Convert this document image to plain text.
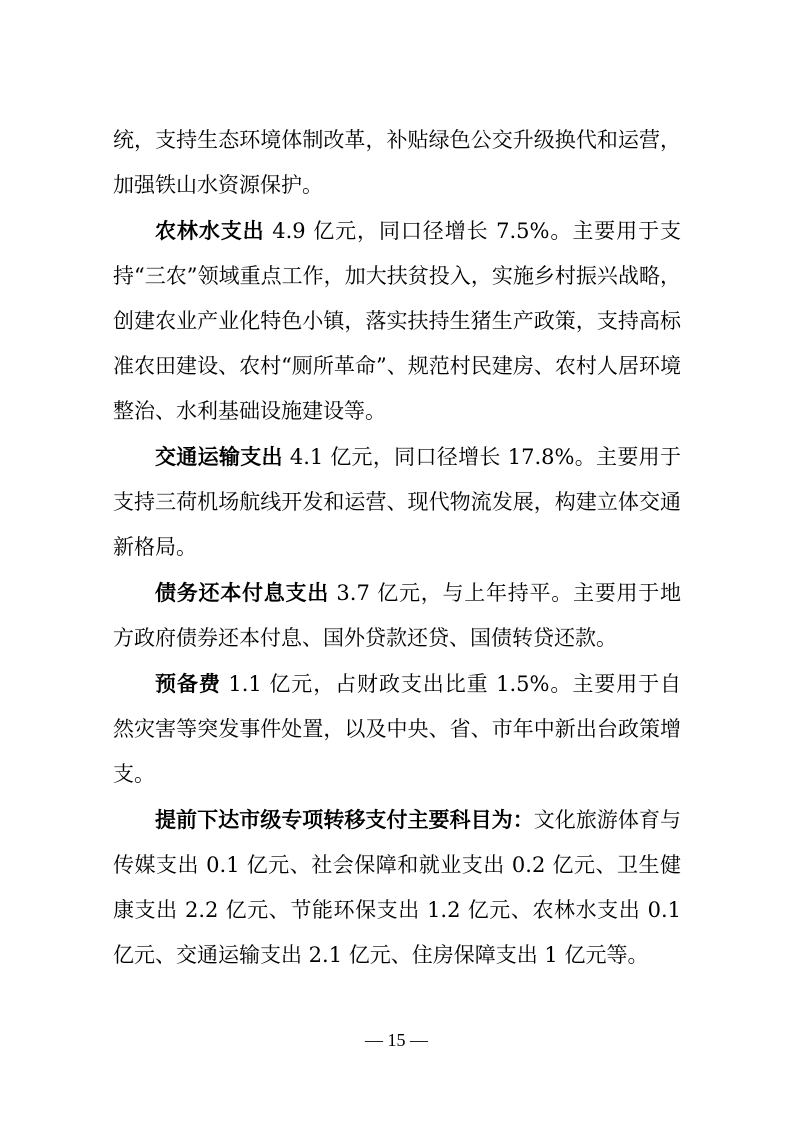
统，支持生态环境体制改革，补贴绿色公交升级换代和运营，加强铁山水资源保护。

农林水支出 4.9 亿元，同口径增长 7.5%。主要用于支持“三农”领域重点工作，加大扶贫投入，实施乡村振兴战略，创建农业产业化特色小镇，落实扶持生猪生产政策，支持高标准农田建设、农村“厕所革命”、规范村民建房、农村人居环境整治、水利基础设施建设等。

交通运输支出 4.1 亿元，同口径增长 17.8%。主要用于支持三荷机场航线开发和运营、现代物流发展，构建立体交通新格局。

债务还本付息支出 3.7 亿元，与上年持平。主要用于地方政府债券还本付息、国外贷款还贷、国债转贷还款。

预备费 1.1 亿元，占财政支出比重 1.5%。主要用于自然灾害等突发事件处置，以及中央、省、市年中新出台政策增支。

提前下达市级专项转移支付主要科目为：文化旅游体育与传媒支出 0.1 亿元、社会保障和就业支出 0.2 亿元、卫生健康支出 2.2 亿元、节能环保支出 1.2 亿元、农林水支出 0.1 亿元、交通运输支出 2.1 亿元、住房保障支出 1 亿元等。

— 15 —
